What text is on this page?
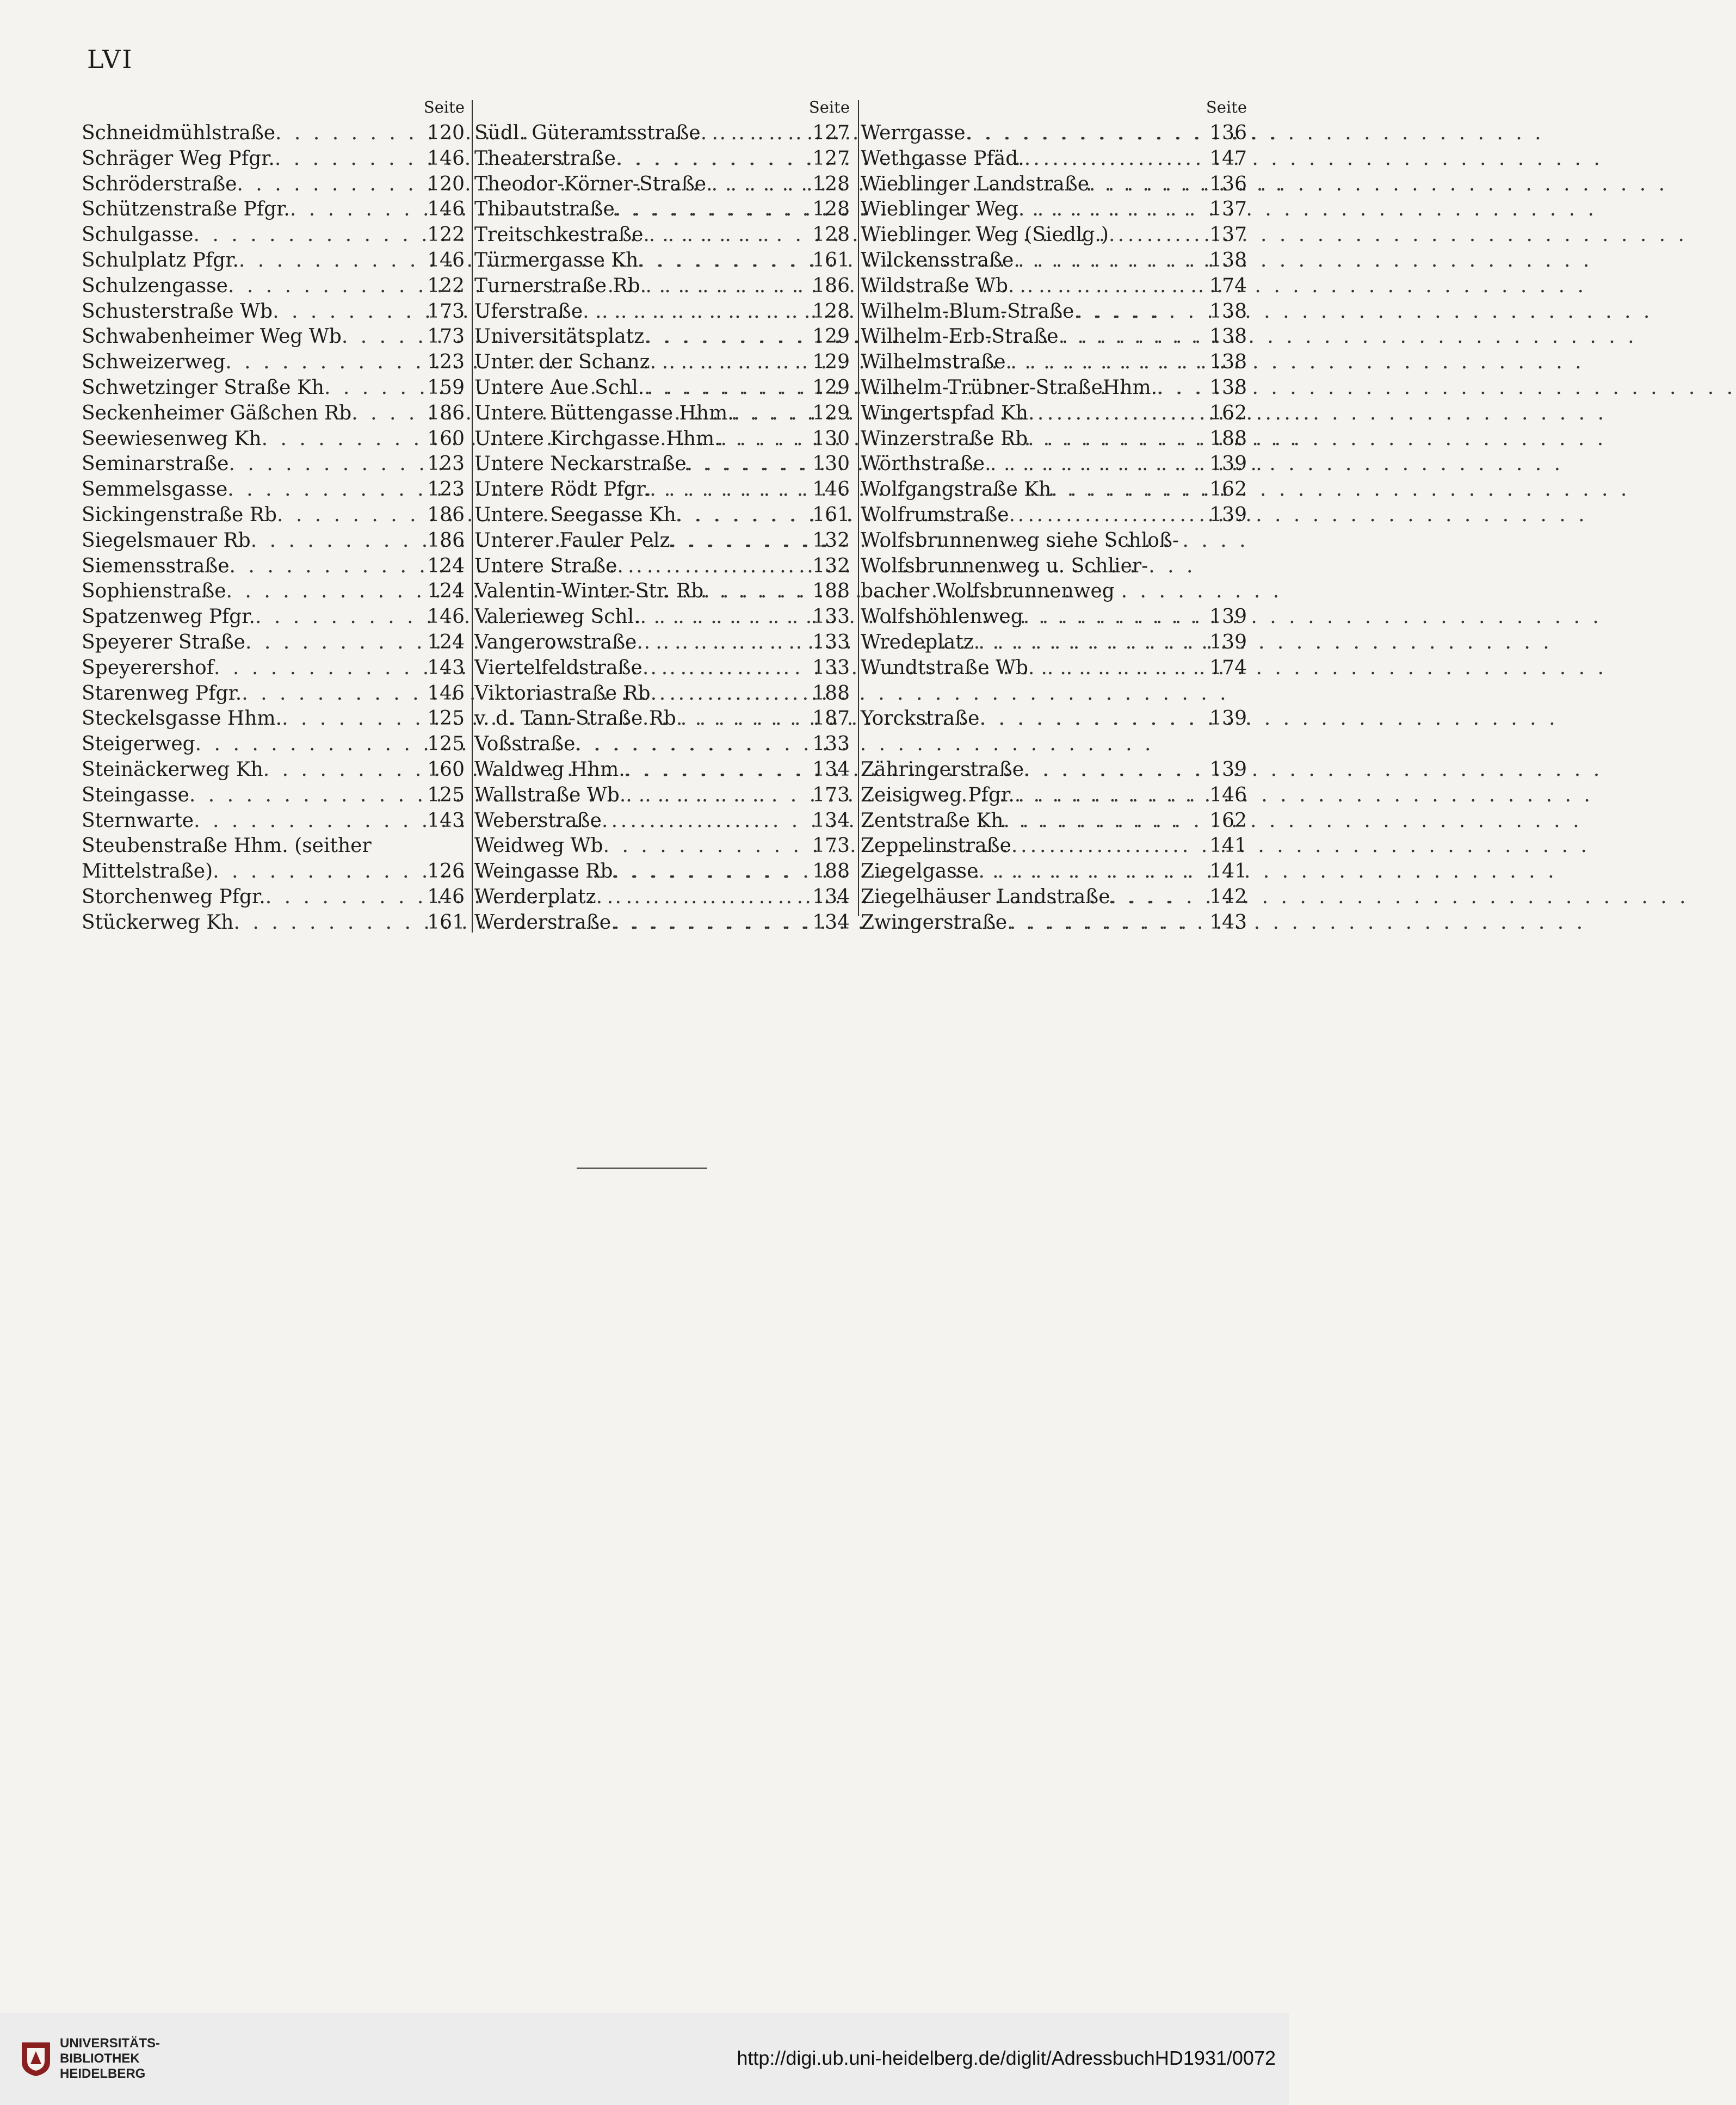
LVI
Seite
Schneidmühlstraße . . .	120
Schräger Weg Pfgr. . . .	146
Schröderstraße . . .	120
Schützenstraße Pfgr. . . .	146
Schulgasse . . .	122
Schulplatz Pfgr. . . .	146
Schulzengasse . . .	122
Schusterstraße Wb . . .	173
Schwabenheimer Weg Wb . . .	173
Schweizerweg . . .	123
Schwetzinger Straße Kh . . .	159
Seckenheimer Gäßchen Rb . . .	186
Seewiesenweg Kh . . .	160
Seminarstraße . . .	123
Semmelsgasse . . .	123
Sickingenstraße Rb . . .	186
Siegelsmauer Rb . . .	186
Siemensstraße . . .	124
Sophienstraße . . .	124
Spatzenweg Pfgr. . . .	146
Speyerer Straße . . .	124
Speyerershof . . .	143
Starenweg Pfgr. . . .	146
Steckelsgasse Hhm. . . .	125
Steigerweg . . .	125
Steinäckerweg Kh . . .	160
Steingasse . . .	125
Sternwarte . . .	143
Steubenstraße Hhm. (seither
Mittelstraße) . . .	126
Storchenweg Pfgr. . . .	146
Stückerweg Kh . . .	161
Seite
Südl. Güteramtsstraße . . .	127
Theaterstraße . . .	127
Theodor-Körner-Straße . . .	128
Thibautstraße . . .	128
Treitschkestraße . . .	128
Türmergasse Kh . . .	161
Turnerstraße Rb . . .	186
Uferstraße . . .	128
Universitätsplatz . . .	129
Unter der Schanz . . .	129
Untere Aue Schl. . . .	129
Untere Büttengasse Hhm. . . .	129
Untere Kirchgasse Hhm. . . .	130
Untere Neckarstraße . . .	130
Untere Rödt Pfgr. . . .	146
Untere Seegasse Kh . . .	161
Unterer Fauler Pelz . . .	132
Untere Straße . . .	132
Valentin-Winter-Str. Rb . . .	188
Valerieweg Schl. . . .	133
Vangerowstraße . . .	133
Viertelfeldstraße . . .	133
Viktoriastraße Rb . . .	188
v. d. Tann-Straße Rb . . .	187
Voßstraße . . .	133
Waldweg Hhm. . . .	134
Wallstraße Wb . . .	173
Weberstraße . . .	134
Weidweg Wb . . .	173
Weingasse Rb . . .	188
Werderplatz . . .	134
Werderstraße . . .	134
Seite
Werrgasse . . .	136
Wethgasse Pfäd. . . .	147
Wieblinger Landstraße . . .	136
Wieblinger Weg . . .	137
Wieblinger Weg (Siedlg.) . . .	137
Wilckensstraße . . .	138
Wildstraße Wb . . .	174
Wilhelm-Blum-Straße . . .	138
Wilhelm-Erb-Straße . . .	138
Wilhelmstraße . . .	138
Wilhelm-Trübner-StraßeHhm. . . .	138
Wingertspfad Kh . . .	162
Winzerstraße Rb . . .	188
Wörthstraße . . .	139
Wolfgangstraße Kh . . .	162
Wolfrumstraße . . .	139
Wolfsbrunnenweg siehe Schloß-
Wolfsbrunnenweg u. Schlier-
bacher Wolfsbrunnenweg
Wolfshöhlenweg . . .	139
Wredeplatz . . .	139
Wundtstraße Wb . . .	174
Yorckstraße . . .	139
Zähringerstraße . . .	139
Zeisigweg Pfgr. . . .	146
Zentstraße Kh . . .	162
Zeppelinstraße . . .	141
Ziegelgasse . . .	141
Ziegelhäuser Landstraße . . .	142
Zwingerstraße . . .	143
UNIVERSITÄTS-
BIBLIOTHEK
HEIDELBERG
http://digi.ub.uni-heidelberg.de/diglit/AdressbuchHD1931/0072
